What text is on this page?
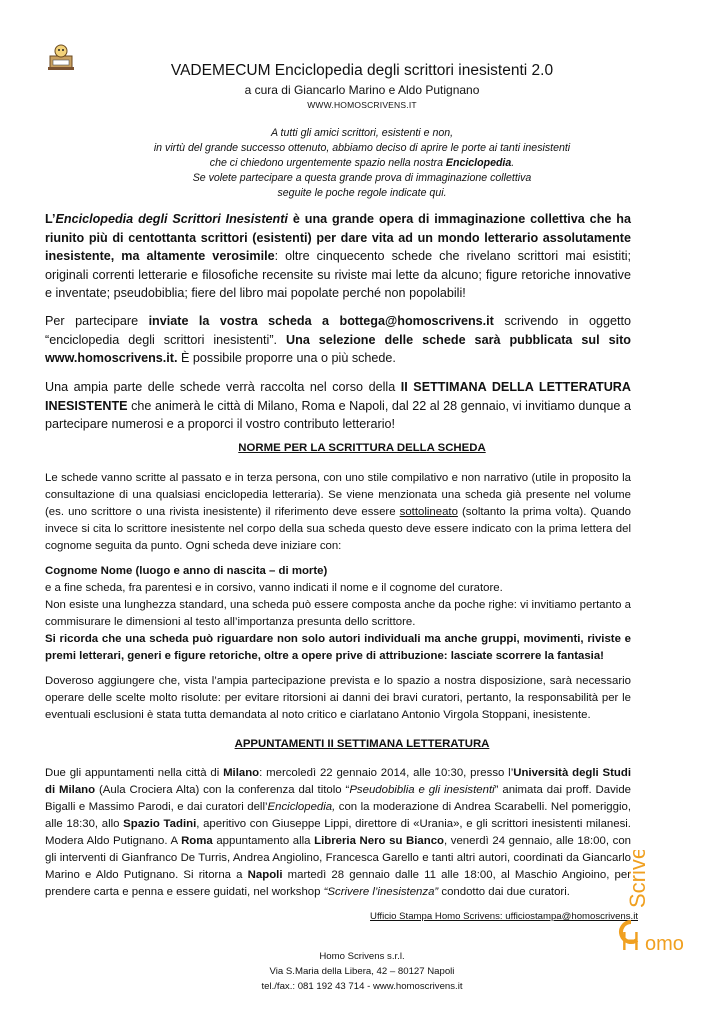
VADEMECUM Enciclopedia degli scrittori inesistenti 2.0
a cura di Giancarlo Marino e Aldo Putignano
WWW.HOMOSCRIVENS.IT
A tutti gli amici scrittori, esistenti e non,
in virtù del grande successo ottenuto, abbiamo deciso di aprire le porte ai tanti inesistenti
che ci chiedono urgentemente spazio nella nostra Enciclopedia.
Se volete partecipare a questa grande prova di immaginazione collettiva
seguite le poche regole indicate qui.
L’Enciclopedia degli Scrittori Inesistenti è una grande opera di immaginazione collettiva che ha riunito più di centottanta scrittori (esistenti) per dare vita ad un mondo letterario assolutamente inesistente, ma altamente verosimile: oltre cinquecento schede che rivelano scrittori mai esistiti; originali correnti letterarie e filosofiche recensite su riviste mai lette da alcuno; figure retoriche innovative e inventate; pseudobiblia; fiere del libro mai popolate perché non popolabili!
Per partecipare inviate la vostra scheda a bottega@homoscrivens.it scrivendo in oggetto “enciclopedia degli scrittori inesistenti”. Una selezione delle schede sarà pubblicata sul sito www.homoscrivens.it. È possibile proporre una o più schede.
Una ampia parte delle schede verrà raccolta nel corso della II SETTIMANA DELLA LETTERATURA INESISTENTE che animerà le città di Milano, Roma e Napoli, dal 22 al 28 gennaio, vi invitiamo dunque a partecipare numerosi e a proporci il vostro contributo letterario!
NORME PER LA SCRITTURA DELLA SCHEDA
Le schede vanno scritte al passato e in terza persona, con uno stile compilativo e non narrativo (utile in proposito la consultazione di una qualsiasi enciclopedia letteraria). Se viene menzionata una scheda già presente nel volume (es. uno scrittore o una rivista inesistente) il riferimento deve essere sottolineato (soltanto la prima volta). Quando invece si cita lo scrittore inesistente nel corpo della sua scheda questo deve essere indicato con la prima lettera del cognome seguita da punto. Ogni scheda deve iniziare con:
Cognome Nome (luogo e anno di nascita – di morte)
e a fine scheda, fra parentesi e in corsivo, vanno indicati il nome e il cognome del curatore.
Non esiste una lunghezza standard, una scheda può essere composta anche da poche righe: vi invitiamo pertanto a commisurare le dimensioni al testo all’importanza presunta dello scrittore.
Si ricorda che una scheda può riguardare non solo autori individuali ma anche gruppi, movimenti, riviste e premi letterari, generi e figure retoriche, oltre a opere prive di attribuzione: lasciate scorrere la fantasia!
Doveroso aggiungere che, vista l’ampia partecipazione prevista e lo spazio a nostra disposizione, sarà necessario operare delle scelte molto risolute: per evitare ritorsioni ai danni dei bravi curatori, pertanto, la responsabilità per le eventuali esclusioni è stata tutta demandata al noto critico e ciarlatano Antonio Virgola Stoppani, inesistente.
APPUNTAMENTI II SETTIMANA LETTERATURA
Due gli appuntamenti nella città di Milano: mercoledì 22 gennaio 2014, alle 10:30, presso l’Università degli Studi di Milano (Aula Crociera Alta) con la conferenza dal titolo “Pseudobiblia e gli inesistenti” animata dai proff. Davide Bigalli e Massimo Parodi, e dai curatori dell’Enciclopedia, con la moderazione di Andrea Scarabelli. Nel pomeriggio, alle 18:30, allo Spazio Tadini, aperitivo con Giuseppe Lippi, direttore di «Urania», e gli scrittori inesistenti milanesi. Modera Aldo Putignano. A Roma appuntamento alla Libreria Nero su Bianco, venerdì 24 gennaio, alle 18:00, con gli interventi di Gianfranco De Turris, Andrea Angiolino, Francesca Garello e tanti altri autori, coordinati da Giancarlo Marino e Aldo Putignano. Si ritorna a Napoli martedì 28 gennaio dalle 11 alle 18:00, al Maschio Angioino, per prendere carta e penna e essere guidati, nel workshop “Scrivere l’inesistenza” condotto dai due curatori.
Ufficio Stampa Homo Scrivens: ufficiostampa@homoscrivens.it
Homo Scrivens s.r.l.
Via S.Maria della Libera, 42 – 80127 Napoli
tel./fax.: 081 192 43 714 - www.homoscrivens.it
Scrivens
H omo
